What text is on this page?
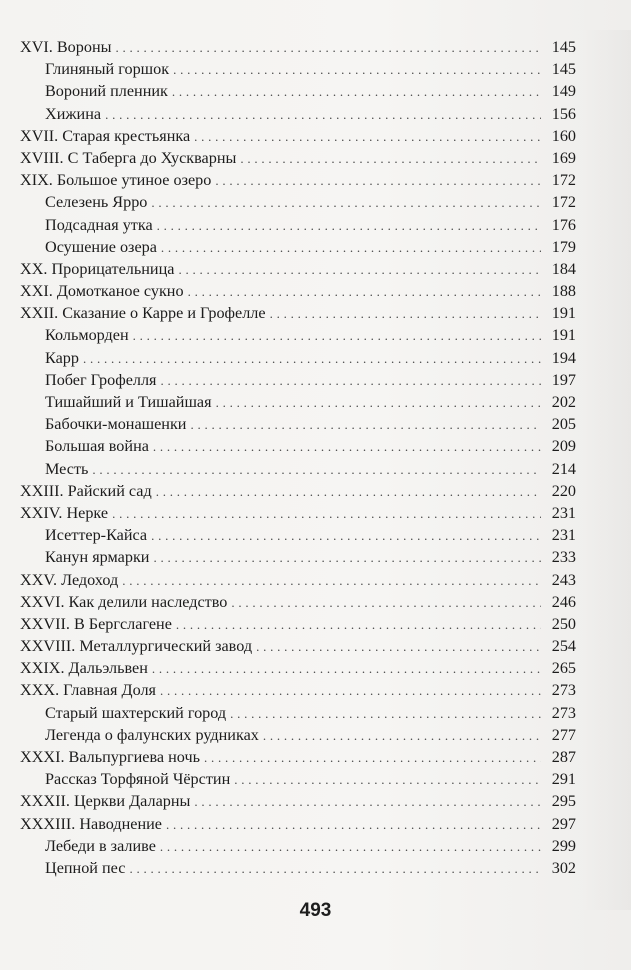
XVI. Вороны . . .	145
Глиняный горшок . . .	145
Вороний пленник . . .	149
Хижина . . .	156
XVII. Старая крестьянка . . .	160
XVIII. С Таберга до Хускварны . . .	169
XIX. Большое утиное озеро . . .	172
Селезень Ярро . . .	172
Подсадная утка . . .	176
Осушение озера . . .	179
XX. Прорицательница . . .	184
XXI. Домотканое сукно . . .	188
XXII. Сказание о Карре и Грофелле . . .	191
Кольморден . . .	191
Карр . . .	194
Побег Грофелля . . .	197
Тишайший и Тишайшая . . .	202
Бабочки-монашенки . . .	205
Большая война . . .	209
Месть . . .	214
XXIII. Райский сад . . .	220
XXIV. Нерке . . .	231
Исеттер-Кайса . . .	231
Канун ярмарки . . .	233
XXV. Ледоход . . .	243
XXVI. Как делили наследство . . .	246
XXVII. В Бергслагене . . .	250
XXVIII. Металлургический завод . . .	254
XXIX. Дальэльвен . . .	265
XXX. Главная Доля . . .	273
Старый шахтерский город . . .	273
Легенда о фалунских рудниках . . .	277
XXXI. Вальпургиева ночь . . .	287
Рассказ Торфяной Чёрстин . . .	291
XXXII. Церкви Даларны . . .	295
XXXIII. Наводнение . . .	297
Лебеди в заливе . . .	299
Цепной пес . . .	302
493
